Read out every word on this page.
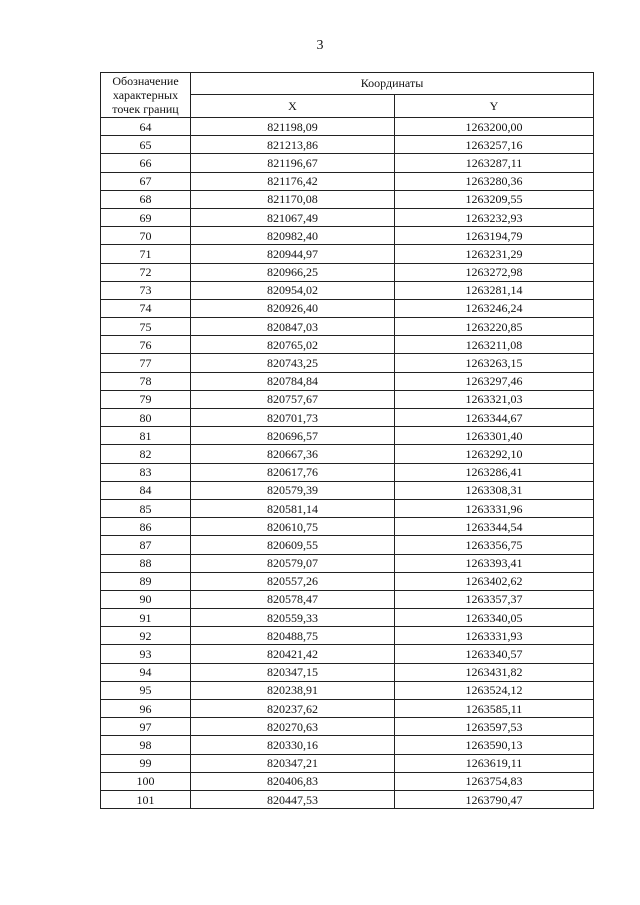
3
Обозначение характерных точек границ	Координаты	
	X	Y
64	821198,09	1263200,00
65	821213,86	1263257,16
66	821196,67	1263287,11
67	821176,42	1263280,36
68	821170,08	1263209,55
69	821067,49	1263232,93
70	820982,40	1263194,79
71	820944,97	1263231,29
72	820966,25	1263272,98
73	820954,02	1263281,14
74	820926,40	1263246,24
75	820847,03	1263220,85
76	820765,02	1263211,08
77	820743,25	1263263,15
78	820784,84	1263297,46
79	820757,67	1263321,03
80	820701,73	1263344,67
81	820696,57	1263301,40
82	820667,36	1263292,10
83	820617,76	1263286,41
84	820579,39	1263308,31
85	820581,14	1263331,96
86	820610,75	1263344,54
87	820609,55	1263356,75
88	820579,07	1263393,41
89	820557,26	1263402,62
90	820578,47	1263357,37
91	820559,33	1263340,05
92	820488,75	1263331,93
93	820421,42	1263340,57
94	820347,15	1263431,82
95	820238,91	1263524,12
96	820237,62	1263585,11
97	820270,63	1263597,53
98	820330,16	1263590,13
99	820347,21	1263619,11
100	820406,83	1263754,83
101	820447,53	1263790,47
